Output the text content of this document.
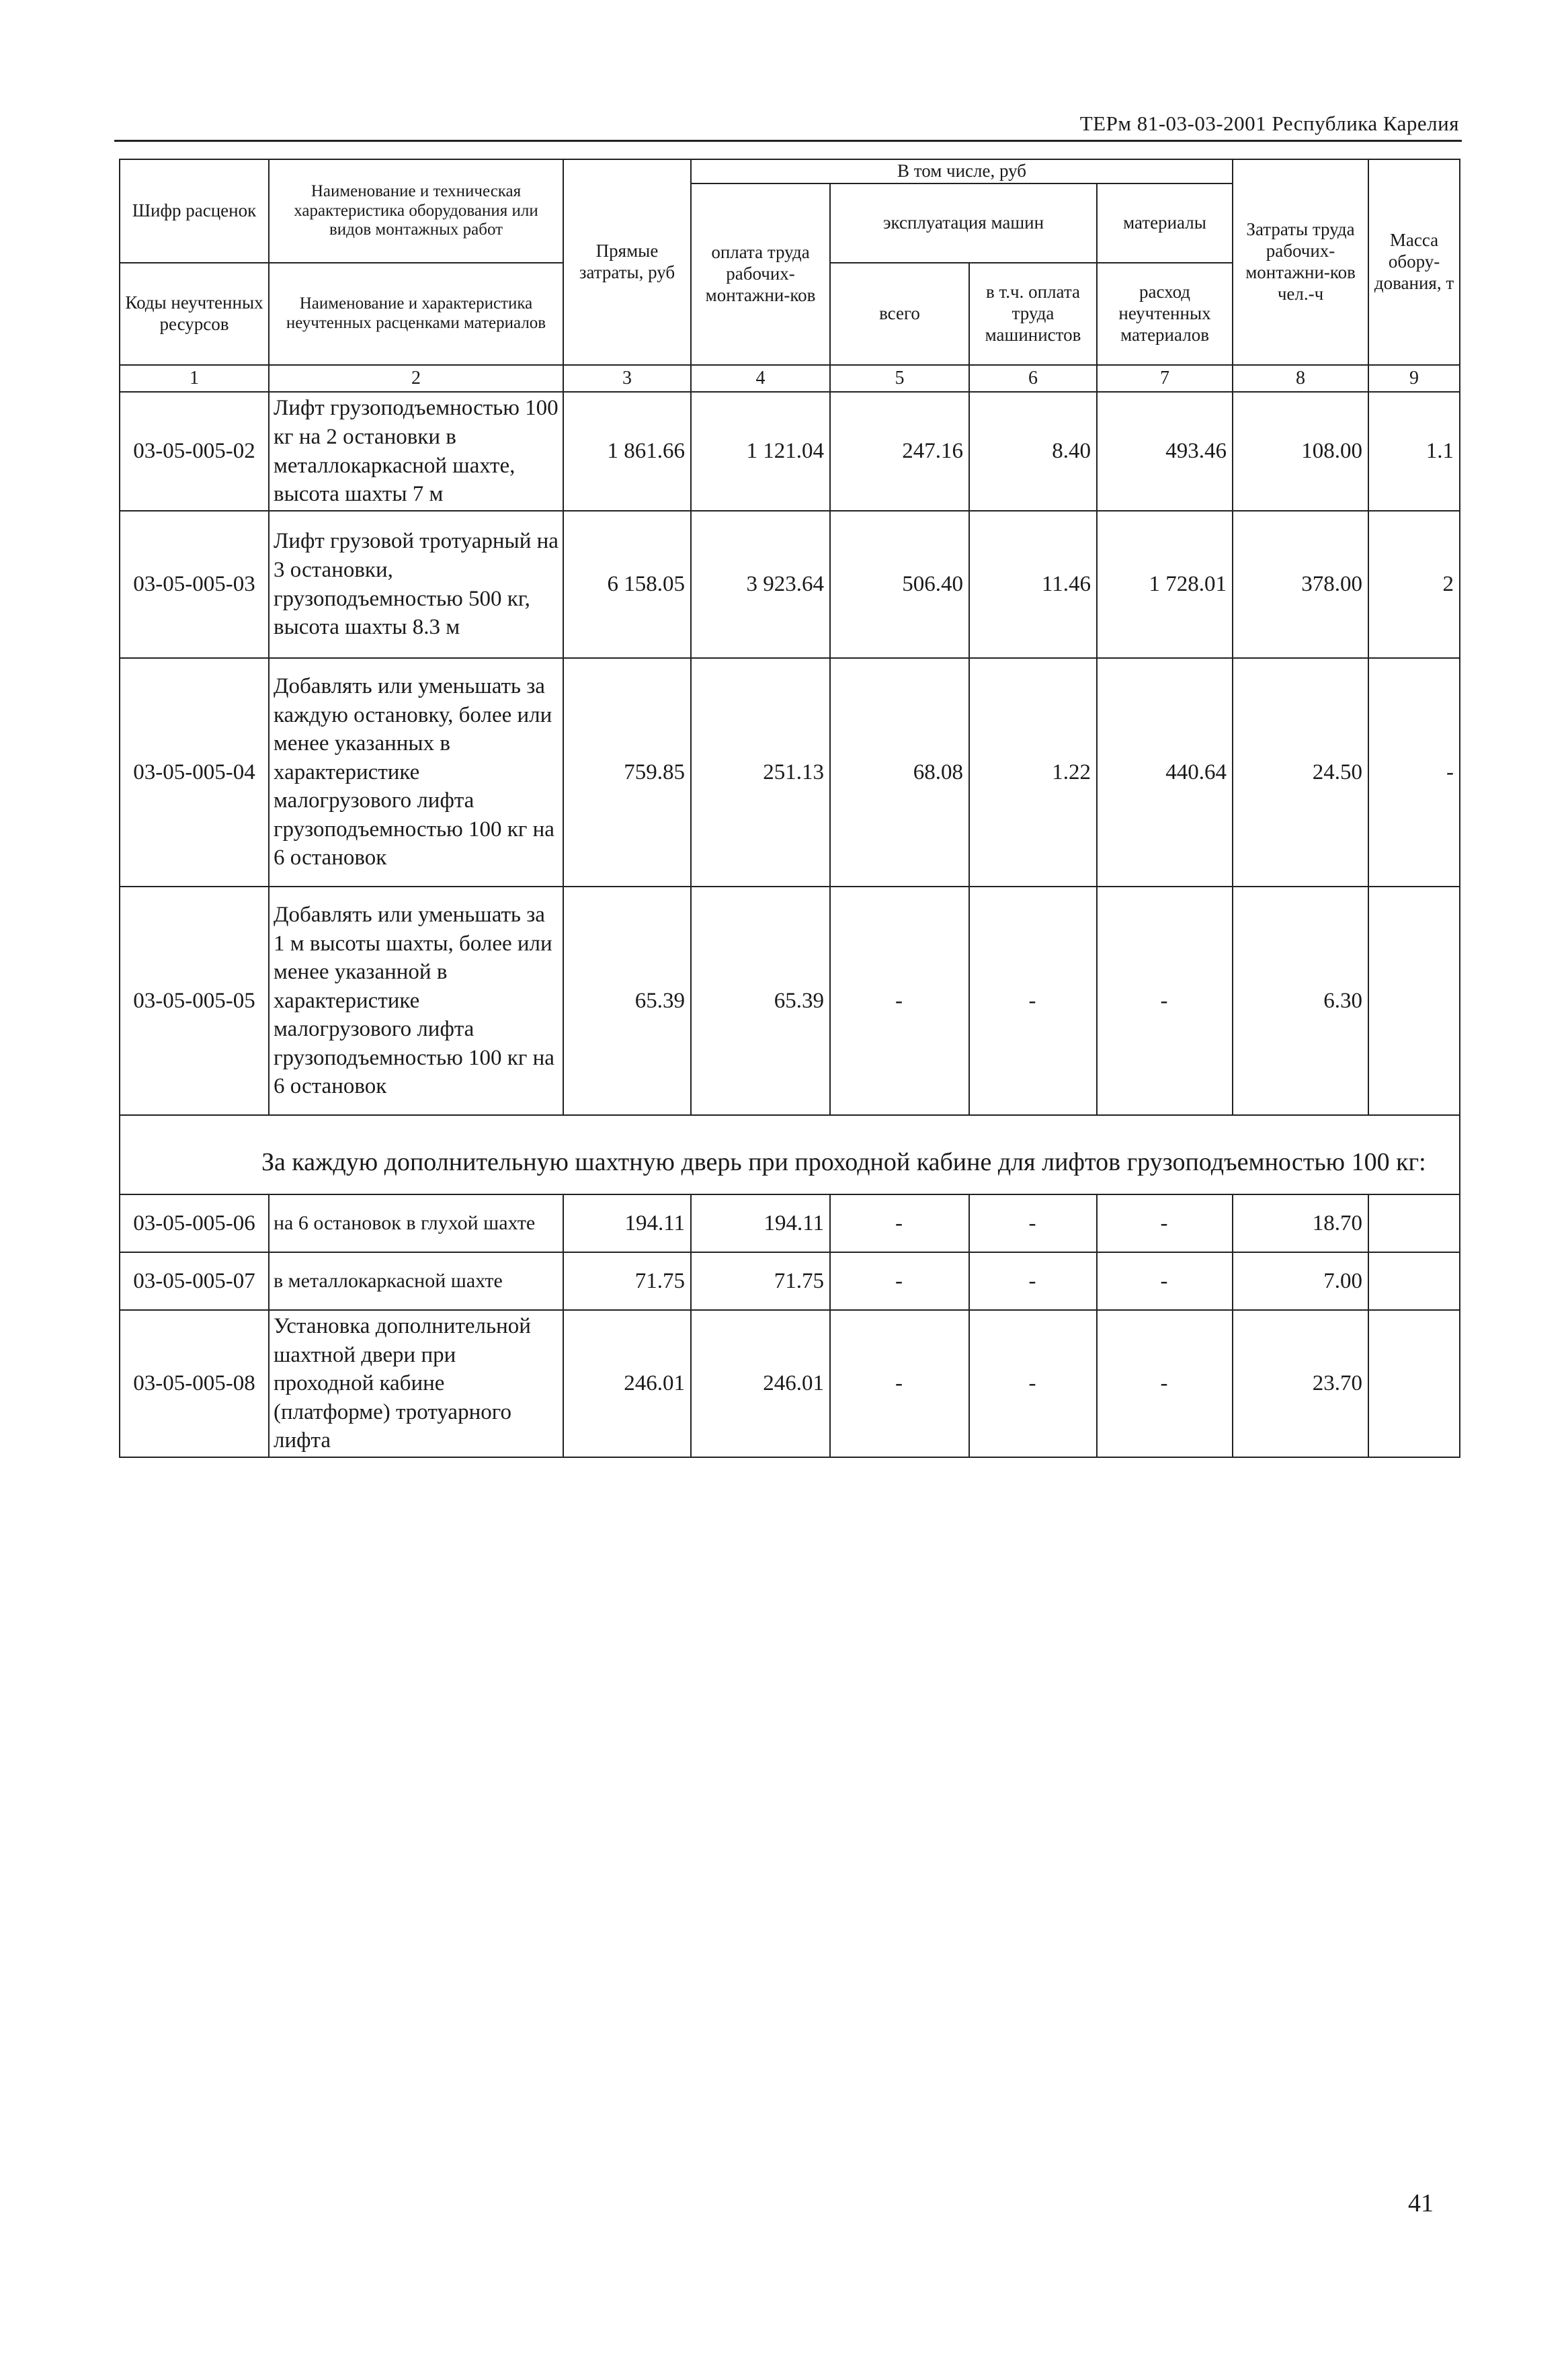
ТЕРм 81-03-03-2001 Республика Карелия
Шифр расценок	Наименование и техническая характеристика оборудования или видов монтажных работ	Прямые затраты, руб	В том числе, руб				Затраты труда рабочих-монтажни-ков чел.-ч	Масса обору-дования, т
			оплата труда рабочих-монтажни-ков	эксплуатация машин		материалы		
Коды неучтенных ресурсов	Наименование и характеристика неучтенных расценками материалов			всего	в т.ч. оплата труда машинистов	расход неучтенных материалов		

1	2	3	4	5	6	7	8	9
03-05-005-02	Лифт грузоподъемностью 100 кг на 2 остановки в металлокаркасной шахте, высота шахты 7 м	1 861.66	1 121.04	247.16	8.40	493.46	108.00	1.1
03-05-005-03	Лифт грузовой тротуарный на 3 остановки, грузоподъемностью 500 кг, высота шахты 8.3 м	6 158.05	3 923.64	506.40	11.46	1 728.01	378.00	2
03-05-005-04	Добавлять или уменьшать за каждую остановку, более или менее указанных в характеристике малогрузового лифта грузоподъемностью 100 кг на 6 остановок	759.85	251.13	68.08	1.22	440.64	24.50	-
03-05-005-05	Добавлять или уменьшать за 1 м высоты шахты, более или менее указанной в характеристике малогрузового лифта грузоподъемностью 100 кг на 6 остановок	65.39	65.39	-	-	-	6.30	
За каждую дополнительную шахтную дверь при проходной кабине для лифтов грузоподъемностью 100 кг:								
03-05-005-06	на 6 остановок в глухой шахте	194.11	194.11	-	-	-	18.70	
03-05-005-07	в металлокаркасной шахте	71.75	71.75	-	-	-	7.00	
03-05-005-08	Установка дополнительной шахтной двери при проходной кабине (платформе) тротуарного лифта	246.01	246.01	-	-	-	23.70	
41
